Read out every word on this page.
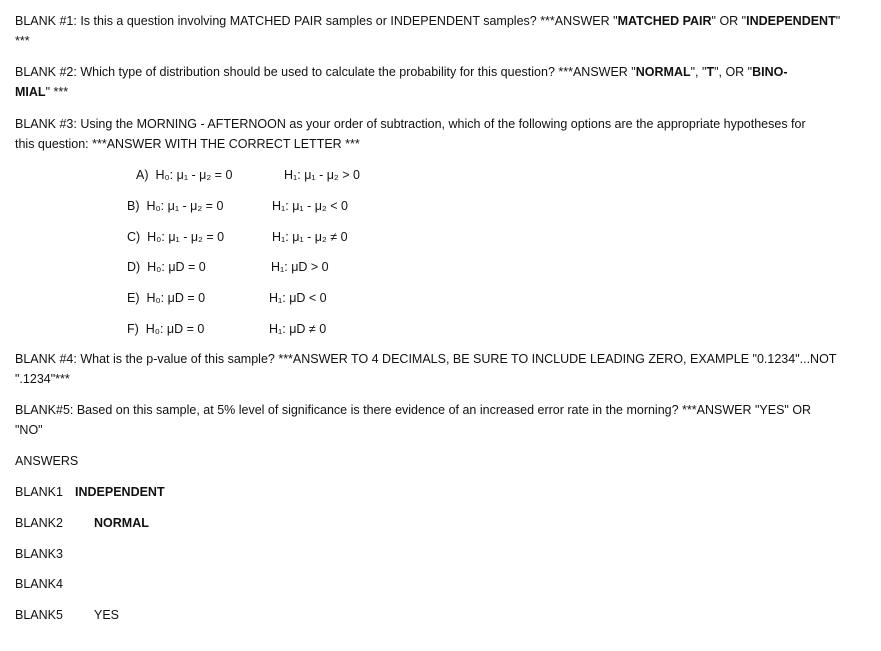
BLANK #1: Is this a question involving MATCHED PAIR samples or INDEPENDENT samples? ***ANSWER "MATCHED PAIR" OR "INDEPENDENT"
***
BLANK #2: Which type of distribution should be used to calculate the probability for this question? ***ANSWER "NORMAL", "T", OR "BINO-
MIAL" ***
BLANK #3: Using the MORNING - AFTERNOON as your order of subtraction, which of the following options are the appropriate hypotheses for
this question: ***ANSWER WITH THE CORRECT LETTER ***
A) H₀: μ₁ - μ₂ = 0	H₁: μ₁ - μ₂ > 0
B) H₀: μ₁ - μ₂ = 0	H₁: μ₁ - μ₂ < 0
C) H₀: μ₁ - μ₂ = 0	H₁: μ₁ - μ₂ ≠ 0
D) H₀: μD = 0	H₁: μD > 0
E) H₀: μD = 0	H₁: μD < 0
F) H₀: μD = 0	H₁: μD ≠ 0
BLANK #4: What is the p-value of this sample? ***ANSWER TO 4 DECIMALS, BE SURE TO INCLUDE LEADING ZERO, EXAMPLE "0.1234"...NOT
".1234"***
BLANK#5: Based on this sample, at 5% level of significance is there evidence of an increased error rate in the morning? ***ANSWER "YES" OR
"NO"
ANSWERS
BLANK1 INDEPENDENT
BLANK2 NORMAL
BLANK3
BLANK4
BLANK5 YES
